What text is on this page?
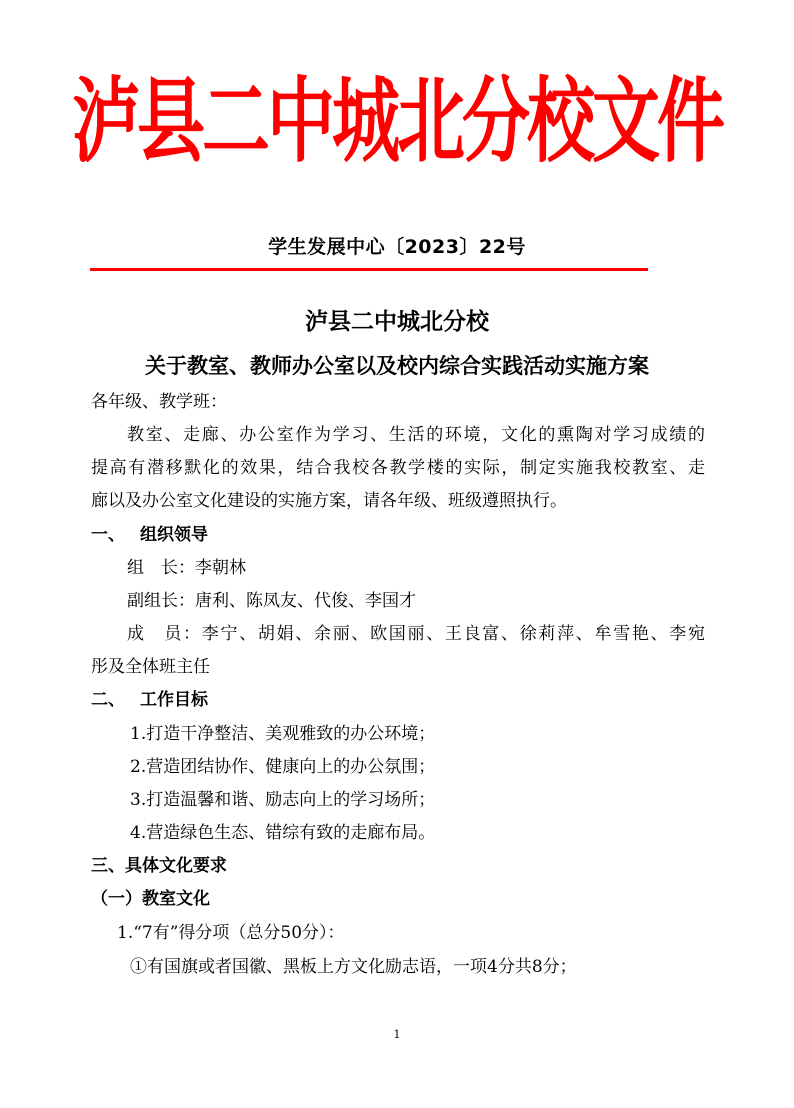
泸县二中城北分校文件
学生发展中心〔2023〕22号
泸县二中城北分校
关于教室、教师办公室以及校内综合实践活动实施方案
各年级、教学班：
教室、走廊、办公室作为学习、生活的环境，文化的熏陶对学习成绩的
提高有潜移默化的效果，结合我校各教学楼的实际，制定实施我校教室、走
廊以及办公室文化建设的实施方案，请各年级、班级遵照执行。
一、 组织领导
组　长：李朝林
副组长：唐利、陈凤友、代俊、李国才
成　员：李宁、胡娟、余丽、欧国丽、王良富、徐莉萍、牟雪艳、李宛
彤及全体班主任
二、 工作目标
1.打造干净整洁、美观雅致的办公环境；
2.营造团结协作、健康向上的办公氛围；
3.打造温馨和谐、励志向上的学习场所；
4.营造绿色生态、错综有致的走廊布局。
三、具体文化要求
（一）教室文化
1.“7有”得分项（总分50分）：
①有国旗或者国徽、黑板上方文化励志语，一项4分共8分；
1
